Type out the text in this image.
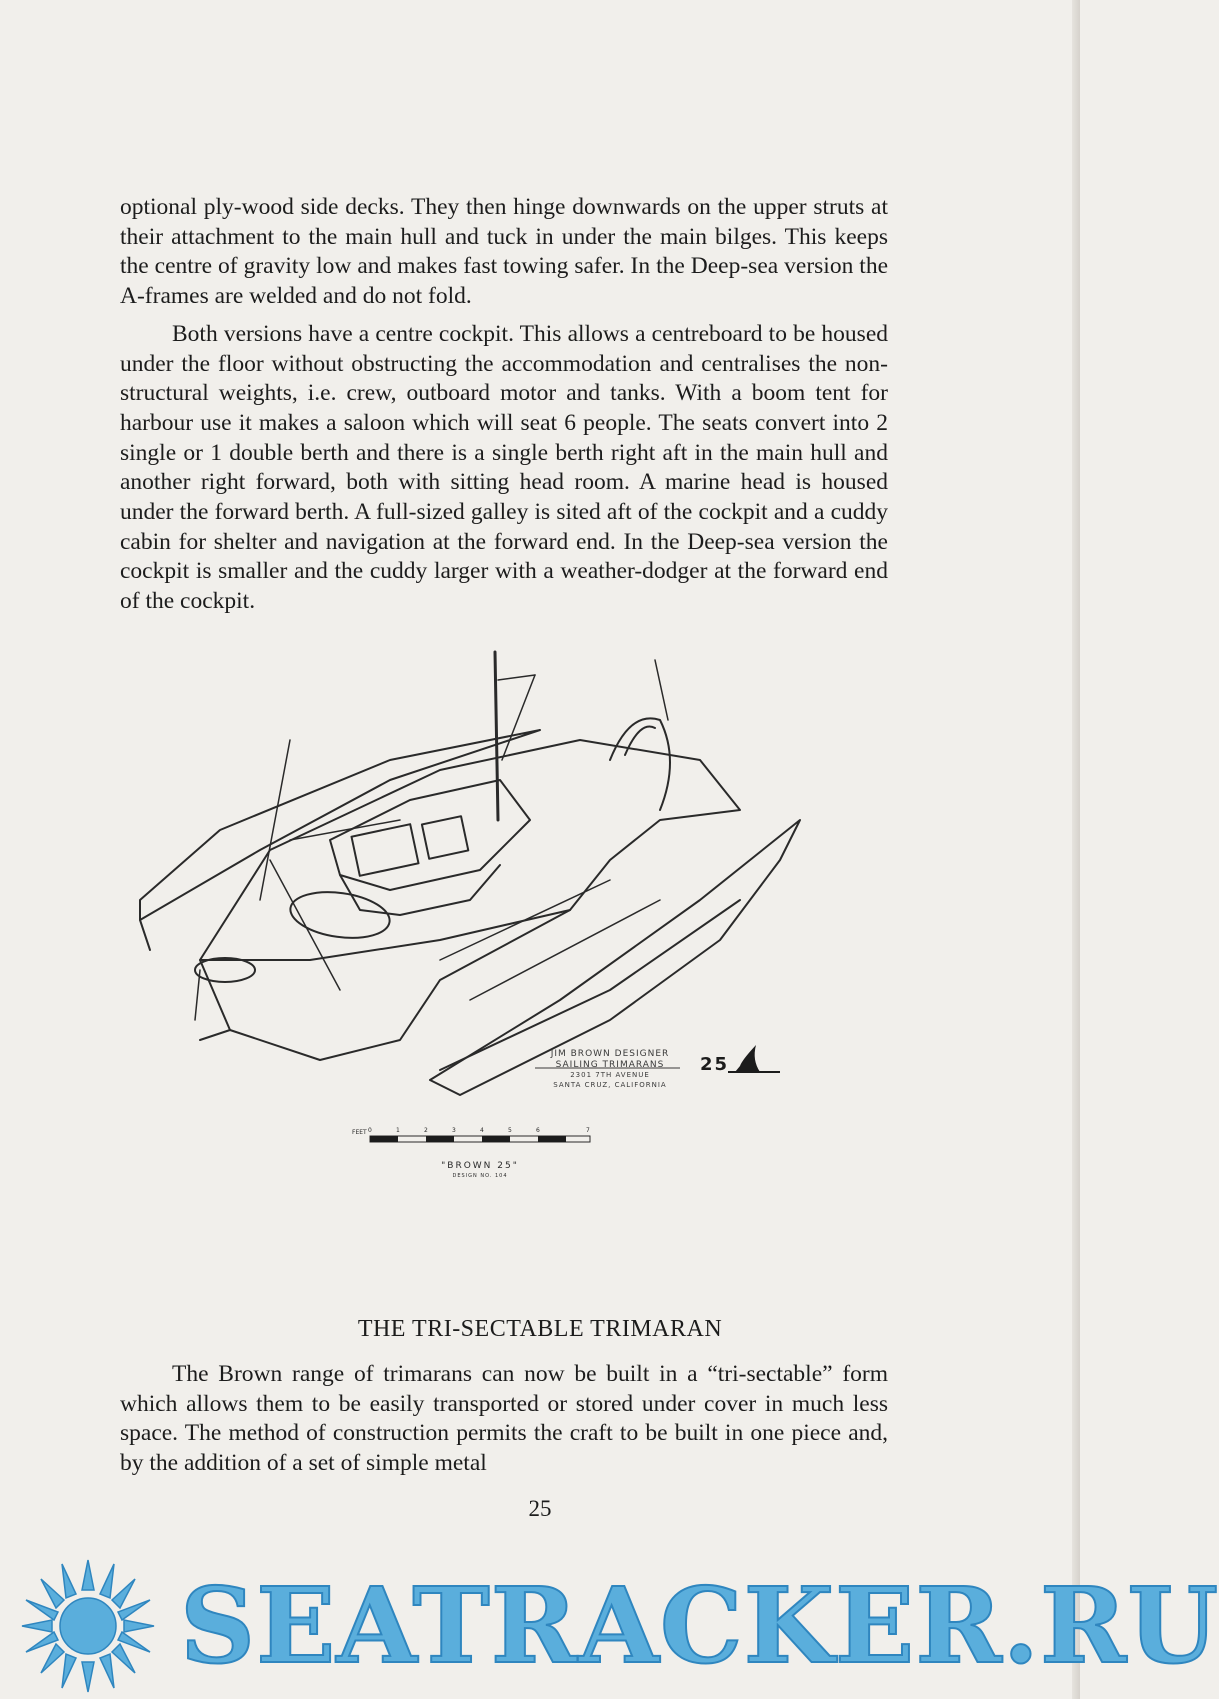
optional ply-wood side decks. They then hinge downwards on the upper struts at their attachment to the main hull and tuck in under the main bilges. This keeps the centre of gravity low and makes fast towing safer. In the Deep-sea version the A-frames are welded and do not fold.

Both versions have a centre cockpit. This allows a centreboard to be housed under the floor without obstructing the accommodation and centralises the non-structural weights, i.e. crew, outboard motor and tanks. With a boom tent for harbour use it makes a saloon which will seat 6 people. The seats convert into 2 single or 1 double berth and there is a single berth right aft in the main hull and another right forward, both with sitting head room. A marine head is housed under the forward berth. A full-sized galley is sited aft of the cockpit and a cuddy cabin for shelter and navigation at the forward end. In the Deep-sea version the cockpit is smaller and the cuddy larger with a weather-dodger at the forward end of the cockpit.

JIM BROWN DESIGNER
SAILING TRIMARANS
2301 7TH AVENUE
SANTA CRUZ, CALIFORNIA
25
FEET 0	1	2	3	4	5	6	7
"BROWN 25"
DESIGN NO. 104
THE TRI-SECTABLE TRIMARAN

The Brown range of trimarans can now be built in a “tri-sectable” form which allows them to be easily transported or stored under cover in much less space. The method of construction permits the craft to be built in one piece and, by the addition of a set of simple metal

25
SEATRACKER.RU
